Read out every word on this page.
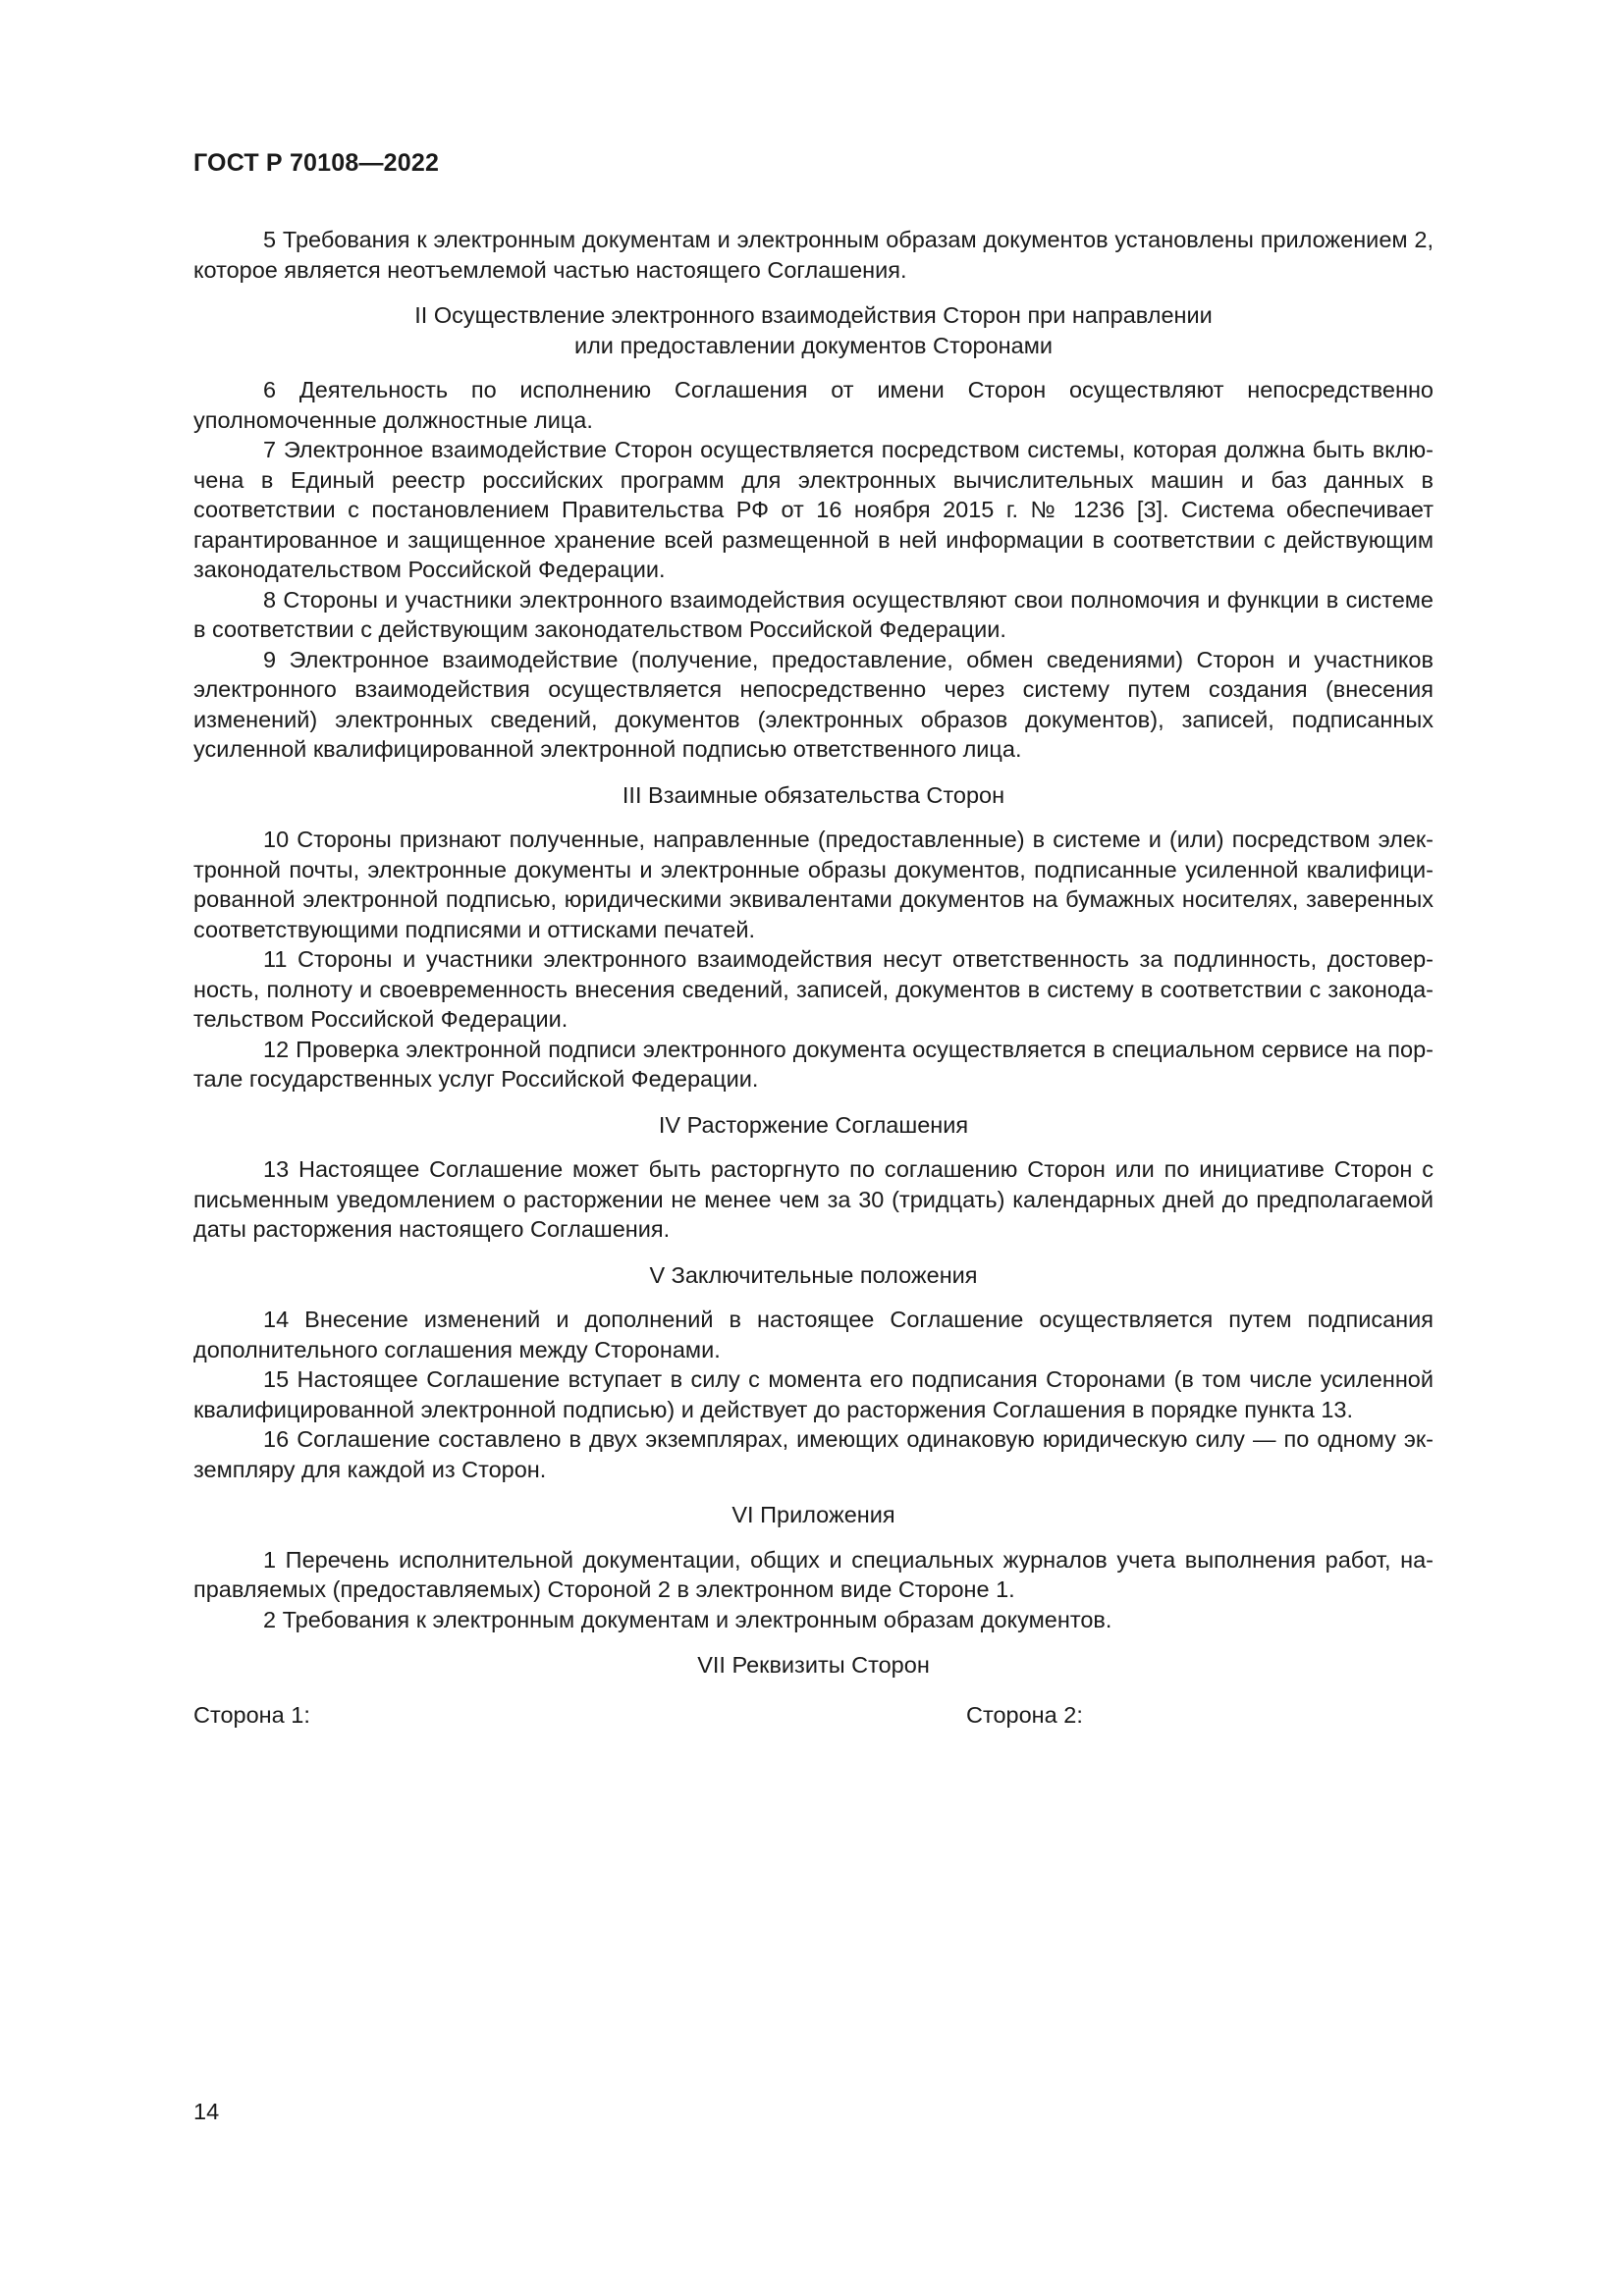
ГОСТ Р 70108—2022

5 Требования к электронным документам и электронным образам документов установлены приложением 2, которое является неотъемлемой частью настоящего Соглашения.

II Осуществление электронного взаимодействия Сторон при направлении
или предоставлении документов Сторонами

6 Деятельность по исполнению Соглашения от имени Сторон осуществляют непосредственно уполномоченные должностные лица.

7 Электронное взаимодействие Сторон осуществляется посредством системы, которая должна быть включена в Единый реестр российских программ для электронных вычислительных машин и баз данных в соответствии с постановлением Правительства РФ от 16 ноября 2015 г. № 1236 [3]. Система обеспечивает гарантированное и защищенное хранение всей размещенной в ней информации в соответствии с действующим законодательством Российской Федерации.

8 Стороны и участники электронного взаимодействия осуществляют свои полномочия и функции в системе в соответствии с действующим законодательством Российской Федерации.

9 Электронное взаимодействие (получение, предоставление, обмен сведениями) Сторон и участников электронного взаимодействия осуществляется непосредственно через систему путем создания (внесения изменений) электронных сведений, документов (электронных образов документов), записей, подписанных усиленной квалифицированной электронной подписью ответственного лица.

III Взаимные обязательства Сторон

10 Стороны признают полученные, направленные (предоставленные) в системе и (или) посредством электронной почты, электронные документы и электронные образы документов, подписанные усиленной квалифицированной электронной подписью, юридическими эквивалентами документов на бумажных носителях, заверенных соответствующими подписями и оттисками печатей.

11 Стороны и участники электронного взаимодействия несут ответственность за подлинность, достоверность, полноту и своевременность внесения сведений, записей, документов в систему в соответствии с законодательством Российской Федерации.

12 Проверка электронной подписи электронного документа осуществляется в специальном сервисе на портале государственных услуг Российской Федерации.

IV Расторжение Соглашения

13 Настоящее Соглашение может быть расторгнуто по соглашению Сторон или по инициативе Сторон с письменным уведомлением о расторжении не менее чем за 30 (тридцать) календарных дней до предполагаемой даты расторжения настоящего Соглашения.

V Заключительные положения

14 Внесение изменений и дополнений в настоящее Соглашение осуществляется путем подписания дополнительного соглашения между Сторонами.

15 Настоящее Соглашение вступает в силу с момента его подписания Сторонами (в том числе усиленной квалифицированной электронной подписью) и действует до расторжения Соглашения в порядке пункта 13.

16 Соглашение составлено в двух экземплярах, имеющих одинаковую юридическую силу — по одному экземпляру для каждой из Сторон.

VI Приложения

1 Перечень исполнительной документации, общих и специальных журналов учета выполнения работ, направляемых (предоставляемых) Стороной 2 в электронном виде Стороне 1.

2 Требования к электронным документам и электронным образам документов.

VII Реквизиты Сторон
Сторона 1:	Сторона 2:
14
